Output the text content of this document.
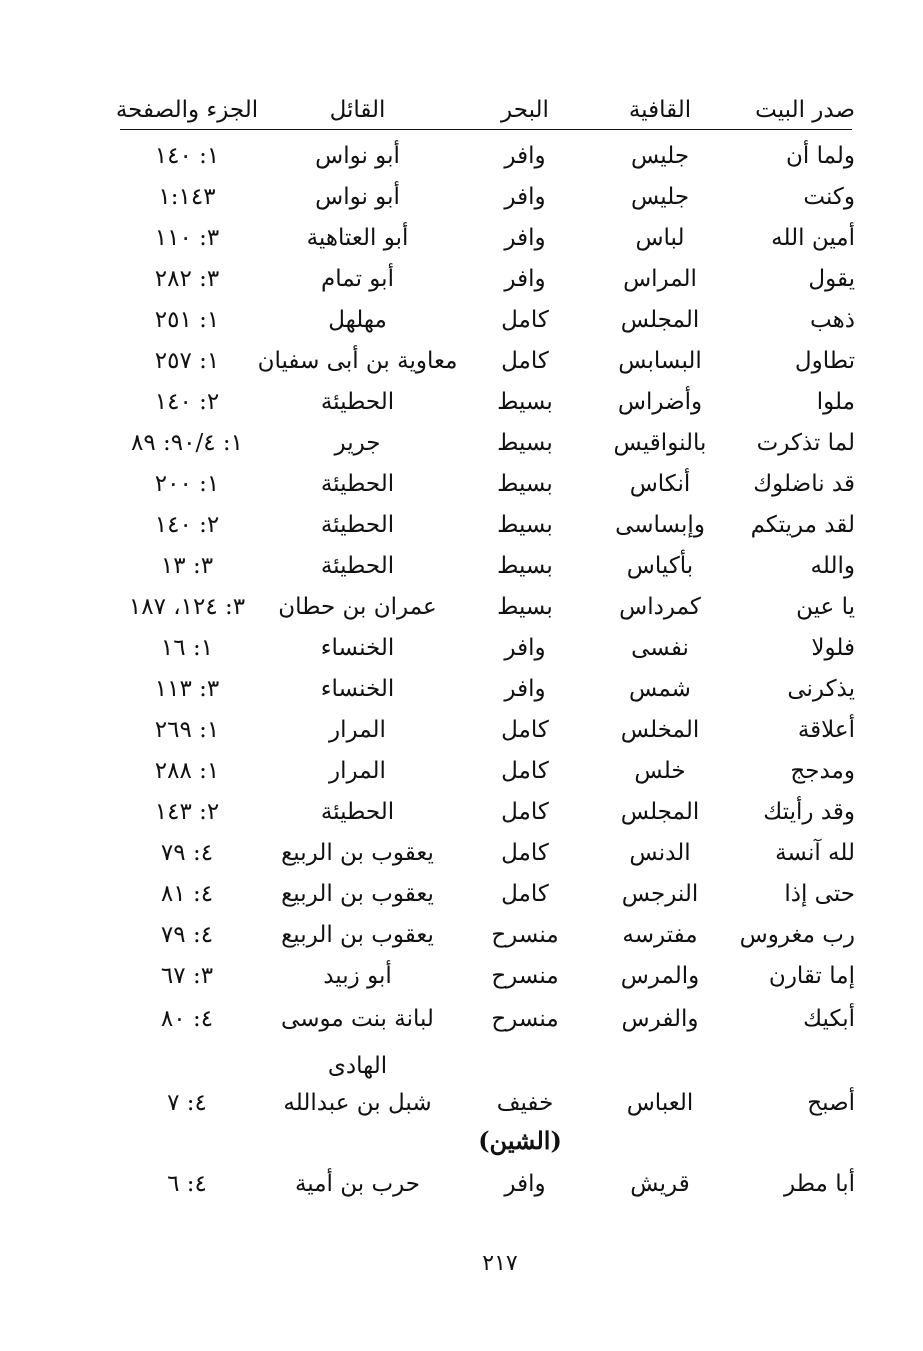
صدر البيت
القافية
البحر
القائل
الجزء والصفحة
ولما أن
جليس
وافر
أبو نواس
١: ١٤٠
وكنت
جليس
وافر
أبو نواس
١:١٤٣
أمين الله
لباس
وافر
أبو العتاهية
٣: ١١٠
يقول
المراس
وافر
أبو تمام
٣: ٢٨٢
ذهب
المجلس
كامل
مهلهل
١: ٢٥١
تطاول
البسابس
كامل
معاوية بن أبى سفيان
١: ٢٥٧
ملوا
وأضراس
بسيط
الحطيئة
٢: ١٤٠
لما تذكرت
بالنواقيس
بسيط
جرير
١: ٩٠/٤: ٨٩
قد ناضلوك
أنكاس
بسيط
الحطيئة
١: ٢٠٠
لقد مريتكم
وإبساسى
بسيط
الحطيئة
٢: ١٤٠
والله
بأكياس
بسيط
الحطيئة
٣: ١٣
يا عين
كمرداس
بسيط
عمران بن حطان
٣: ١٢٤، ١٨٧
فلولا
نفسى
وافر
الخنساء
١: ١٦
يذكرنى
شمس
وافر
الخنساء
٣: ١١٣
أعلاقة
المخلس
كامل
المرار
١: ٢٦٩
ومدجج
خلس
كامل
المرار
١: ٢٨٨
وقد رأيتك
المجلس
كامل
الحطيئة
٢: ١٤٣
لله آنسة
الدنس
كامل
يعقوب بن الربيع
٤: ٧٩
حتى إذا
النرجس
كامل
يعقوب بن الربيع
٤: ٨١
رب مغروس
مفترسه
منسرح
يعقوب بن الربيع
٤: ٧٩
إما تقارن
والمرس
منسرح
أبو زبيد
٣: ٦٧
أبكيك
والفرس
منسرح
لبانة بنت موسى
٤: ٨٠
الهادى
أصبح
العباس
خفيف
شبل بن عبدالله
٤: ٧
(الشين)
أبا مطر
قريش
وافر
حرب بن أمية
٤: ٦
٢١٧
